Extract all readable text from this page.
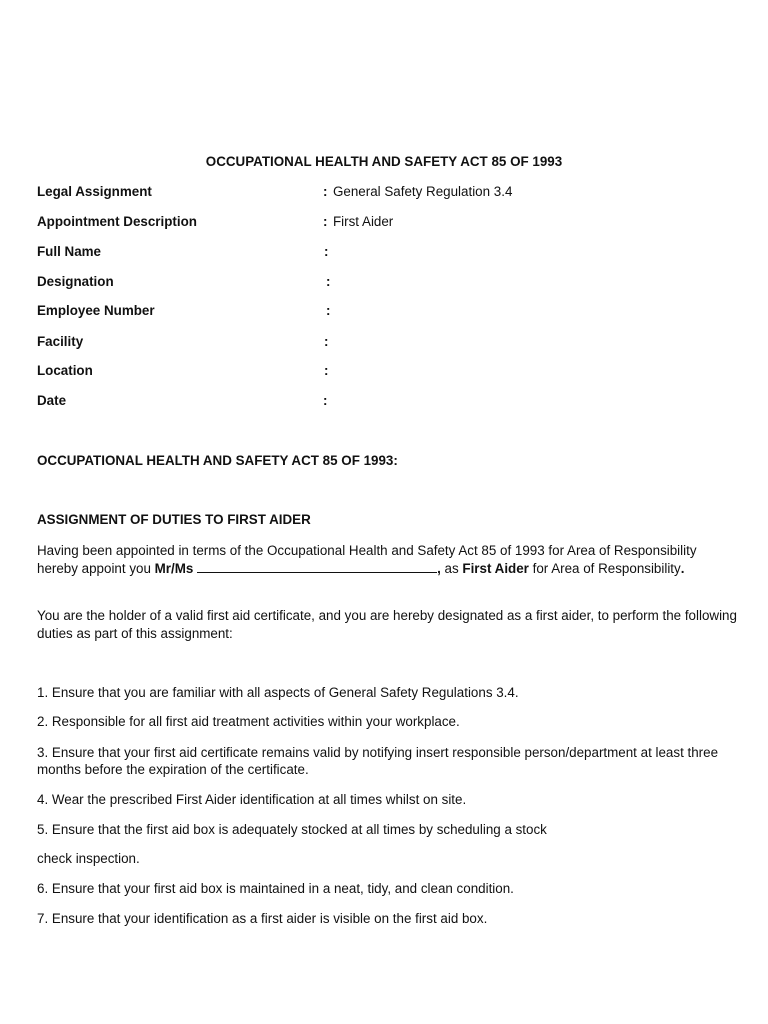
OCCUPATIONAL HEALTH AND SAFETY ACT 85 OF 1993
Legal Assignment	: General Safety Regulation 3.4
Appointment Description	: First Aider
Full Name	:
Designation	:
Employee Number	:
Facility	:
Location	:
Date	:
OCCUPATIONAL HEALTH AND SAFETY ACT 85 OF 1993:
ASSIGNMENT OF DUTIES TO FIRST AIDER
Having been appointed in terms of the Occupational Health and Safety Act 85 of 1993 for Area of Responsibility hereby appoint you Mr/Ms	, as First Aider for Area of Responsibility.
You are the holder of a valid first aid certificate, and you are hereby designated as a first aider, to perform the following duties as part of this assignment:
1. Ensure that you are familiar with all aspects of General Safety Regulations 3.4.
2. Responsible for all first aid treatment activities within your workplace.
3. Ensure that your first aid certificate remains valid by notifying insert responsible person/department at least three months before the expiration of the certificate.
4. Wear the prescribed First Aider identification at all times whilst on site.
5. Ensure that the first aid box is adequately stocked at all times by scheduling a stock
check inspection.
6. Ensure that your first aid box is maintained in a neat, tidy, and clean condition.
7. Ensure that your identification as a first aider is visible on the first aid box.
